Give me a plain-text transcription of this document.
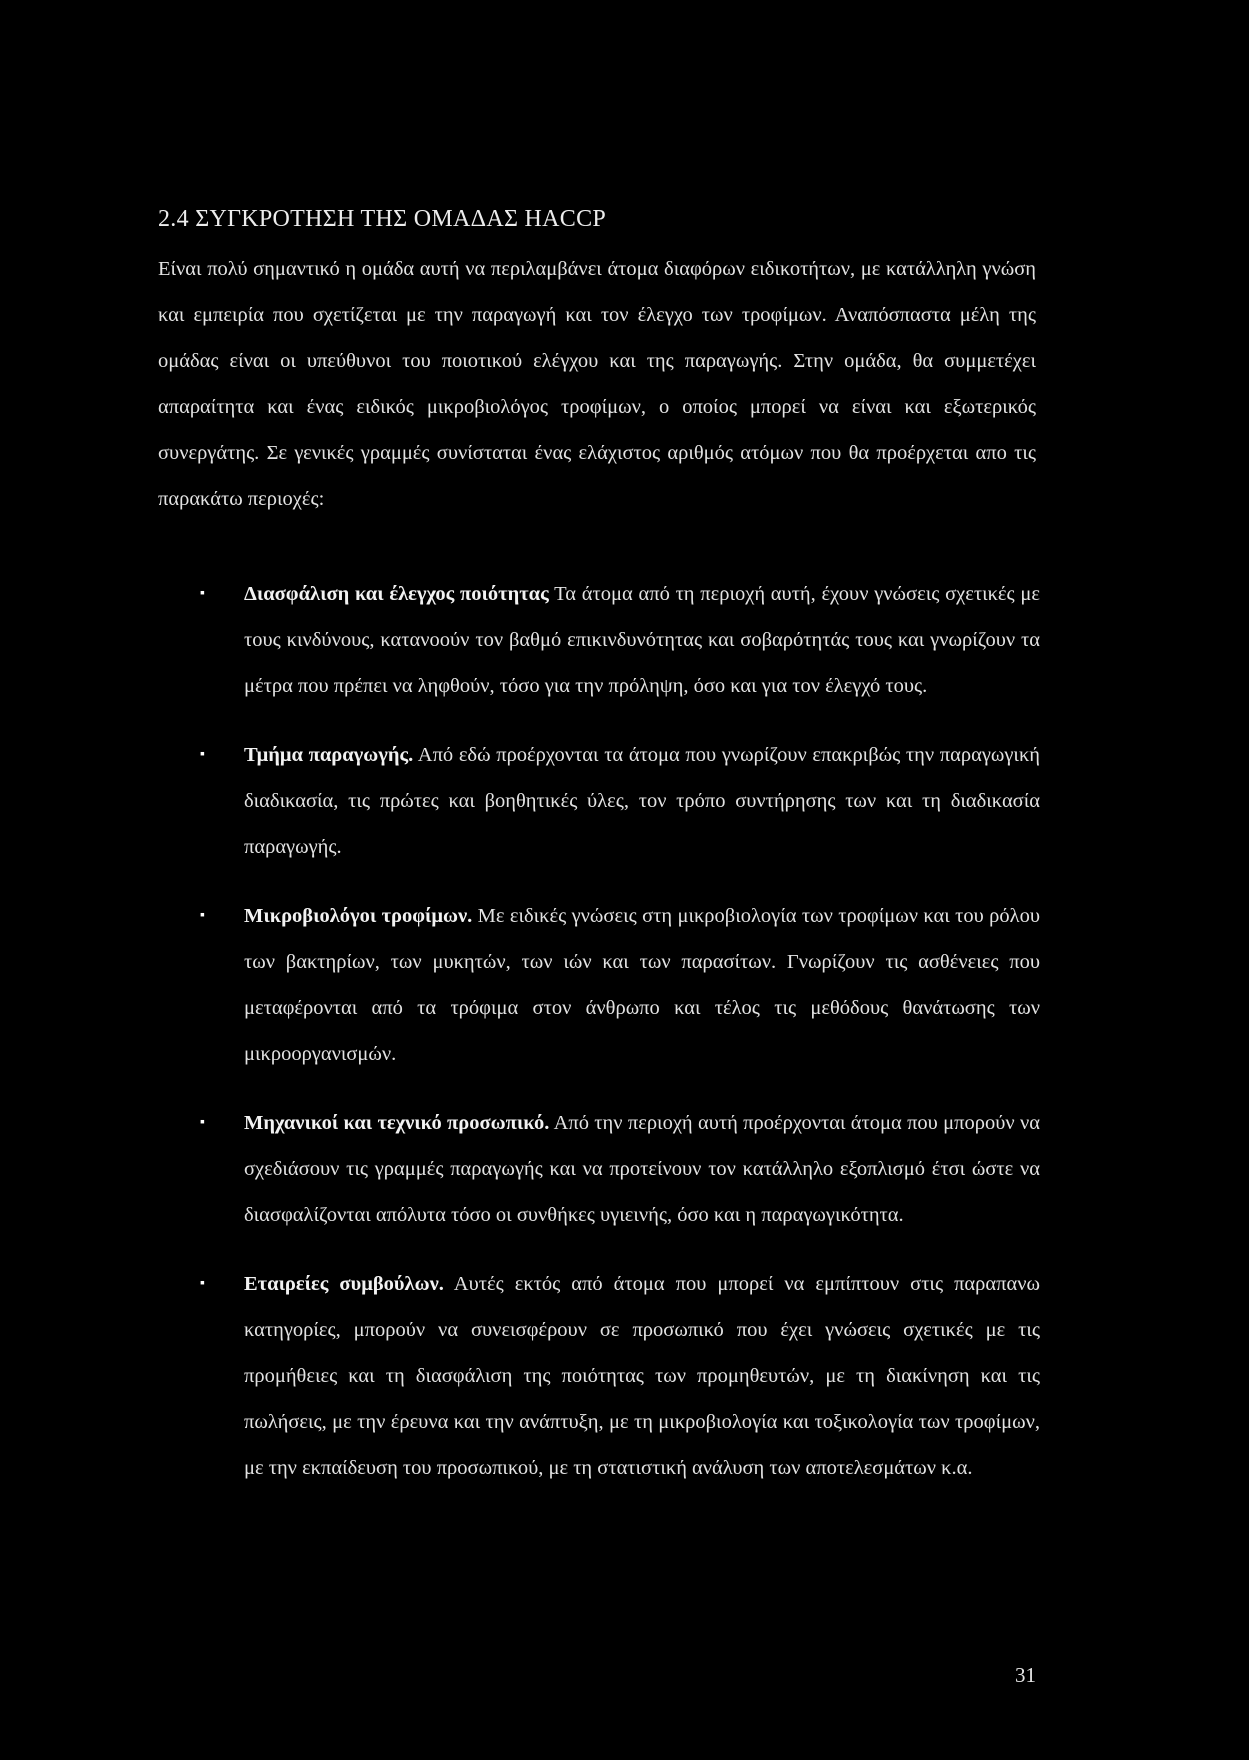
2.4 ΣΥΓΚΡΟΤΗΣΗ ΤΗΣ ΟΜΑΔΑΣ HACCP

Είναι πολύ σημαντικό η ομάδα αυτή να περιλαμβάνει άτομα διαφόρων ειδικοτήτων, με κατάλληλη γνώση και εμπειρία που σχετίζεται με την παραγωγή και τον έλεγχο των τροφίμων. Αναπόσπαστα μέλη της ομάδας είναι οι υπεύθυνοι του ποιοτικού ελέγχου και της παραγωγής. Στην ομάδα, θα συμμετέχει απαραίτητα και ένας ειδικός μικροβιολόγος τροφίμων, ο οποίος μπορεί να είναι και εξωτερικός συνεργάτης. Σε γενικές γραμμές συνίσταται ένας ελάχιστος αριθμός ατόμων που θα προέρχεται απο τις παρακάτω περιοχές:

▪ Διασφάλιση και έλεγχος ποιότητας Τα άτομα από τη περιοχή αυτή, έχουν γνώσεις σχετικές με τους κινδύνους, κατανοούν τον βαθμό επικινδυνότητας και σοβαρότητάς τους και γνωρίζουν τα μέτρα που πρέπει να ληφθούν, τόσο για την πρόληψη, όσο και για τον έλεγχό τους.
▪ Τμήμα παραγωγής. Από εδώ προέρχονται τα άτομα που γνωρίζουν επακριβώς την παραγωγική διαδικασία, τις πρώτες και βοηθητικές ύλες, τον τρόπο συντήρησης των και τη διαδικασία παραγωγής.
▪ Μικροβιολόγοι τροφίμων. Με ειδικές γνώσεις στη μικροβιολογία των τροφίμων και του ρόλου των βακτηρίων, των μυκητών, των ιών και των παρασίτων. Γνωρίζουν τις ασθένειες που μεταφέρονται από τα τρόφιμα στον άνθρωπο και τέλος τις μεθόδους θανάτωσης των μικροοργανισμών.
▪ Μηχανικοί και τεχνικό προσωπικό. Από την περιοχή αυτή προέρχονται άτομα που μπορούν να σχεδιάσουν τις γραμμές παραγωγής και να προτείνουν τον κατάλληλο εξοπλισμό έτσι ώστε να διασφαλίζονται απόλυτα τόσο οι συνθήκες υγιεινής, όσο και η παραγωγικότητα.
▪ Εταιρείες συμβούλων. Αυτές εκτός από άτομα που μπορεί να εμπίπτουν στις παραπανω κατηγορίες, μπορούν να συνεισφέρουν σε προσωπικό που έχει γνώσεις σχετικές με τις προμήθειες και τη διασφάλιση της ποιότητας των προμηθευτών, με τη διακίνηση και τις πωλήσεις, με την έρευνα και την ανάπτυξη, με τη μικροβιολογία και τοξικολογία των τροφίμων, με την εκπαίδευση του προσωπικού, με τη στατιστική ανάλυση των αποτελεσμάτων κ.α.
31
